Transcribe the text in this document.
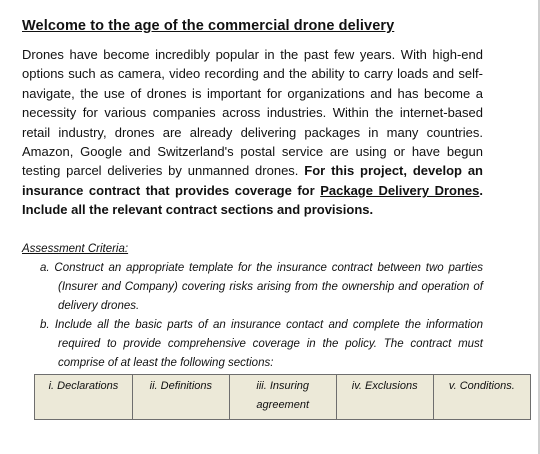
Welcome to the age of the commercial drone delivery

Drones have become incredibly popular in the past few years. With high-end options such as camera, video recording and the ability to carry loads and self-navigate, the use of drones is important for organizations and has become a necessity for various companies across industries. Within the internet-based retail industry, drones are already delivering packages in many countries. Amazon, Google and Switzerland's postal service are using or have begun testing parcel deliveries by unmanned drones. For this project, develop an insurance contract that provides coverage for Package Delivery Drones. Include all the relevant contract sections and provisions.

Assessment Criteria:
a. Construct an appropriate template for the insurance contract between two parties (Insurer and Company) covering risks arising from the ownership and operation of delivery drones.
b. Include all the basic parts of an insurance contact and complete the information required to provide comprehensive coverage in the policy. The contract must comprise of at least the following sections:
i. Declarations	ii. Definitions	iii. Insuring agreement	iv. Exclusions	v. Conditions.
